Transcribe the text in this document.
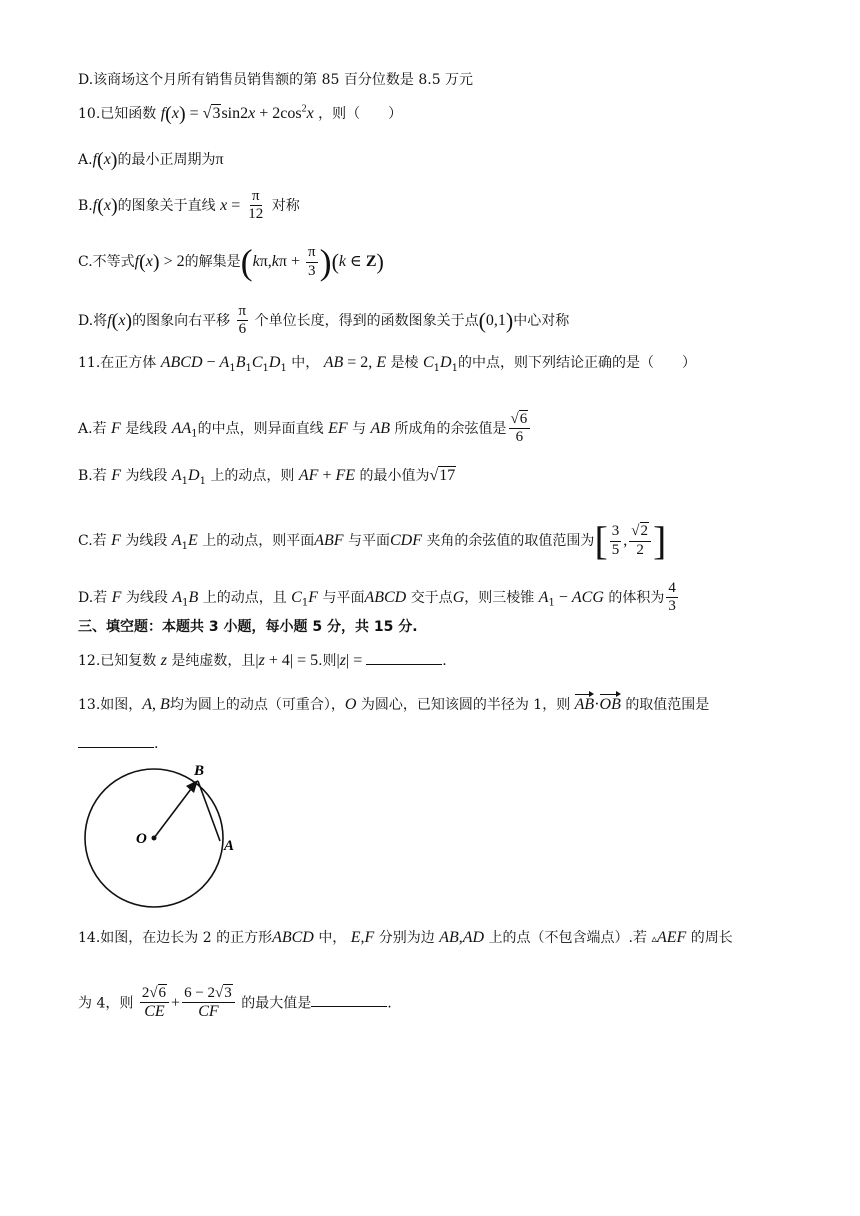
D.该商场这个月所有销售员销售额的第 85 百分位数是 8.5 万元
10.已知函数 $f(x) = √3\sin 2x + 2\cos^2x$ ，则（　　）
A.f(x)的最小正周期为π
B.f(x)的图象关于直线 $x = \frac{\pi}{12}$ 对称
C.不等式f(x) > 2的解集是$(k\pi,k\pi + \frac{\pi}{3} )(k$ ∈ Z)
D.将f(x)的图象向右平移 $\frac{\pi}{6}$ 个单位长度，得到的函数图象关于点(0,1)中心对称
11.在正方体 ABCD − $A_1B_1C_1D_1$ 中， AB = 2, E 是棱 $C_1D_1$的中点，则下列结论正确的是（　　）
A.若 F 是线段 $AA_1$的中点，则异面直线 EF 与 AB 所成角的余弦值是 $\frac{√6}{6}$
B.若 F 为线段 $A_1D_1$ 上的动点，则 AF + FE 的最小值为√17
C.若 F 为线段 $A_1E$ 上的动点，则平面ABF 与平面CDF 夹角的余弦值的取值范围为[ $\frac{3}{5}$ , $\frac{√2}{2}$ ]
D.若 F 为线段 $A_1B$ 上的动点，且 $C_1F$ 与平面ABCD 交于点G，则三棱锥 $A_1$ − ACG 的体积为 $\frac{4}{3}$
三、填空题：本题共 3 小题，每小题 5 分，共 15 分.
12.已知复数 z 是纯虚数，且|z + 4| = 5.则|z| =	.
13.如图，A, B均为圆上的动点（可重合），O 为圆心，已知该圆的半径为 1，则 AB·OB 的取值范围是
.
B
O	A
14.如图，在边长为 2 的正方形ABCD 中， E,F 分别为边 AB,AD 上的点（不包含端点）.若 ▵AEF 的周长
为 4，则 $\frac{2√6}{CE} + \frac{6 - 2√3}{CF}$ 的最大值是	.
